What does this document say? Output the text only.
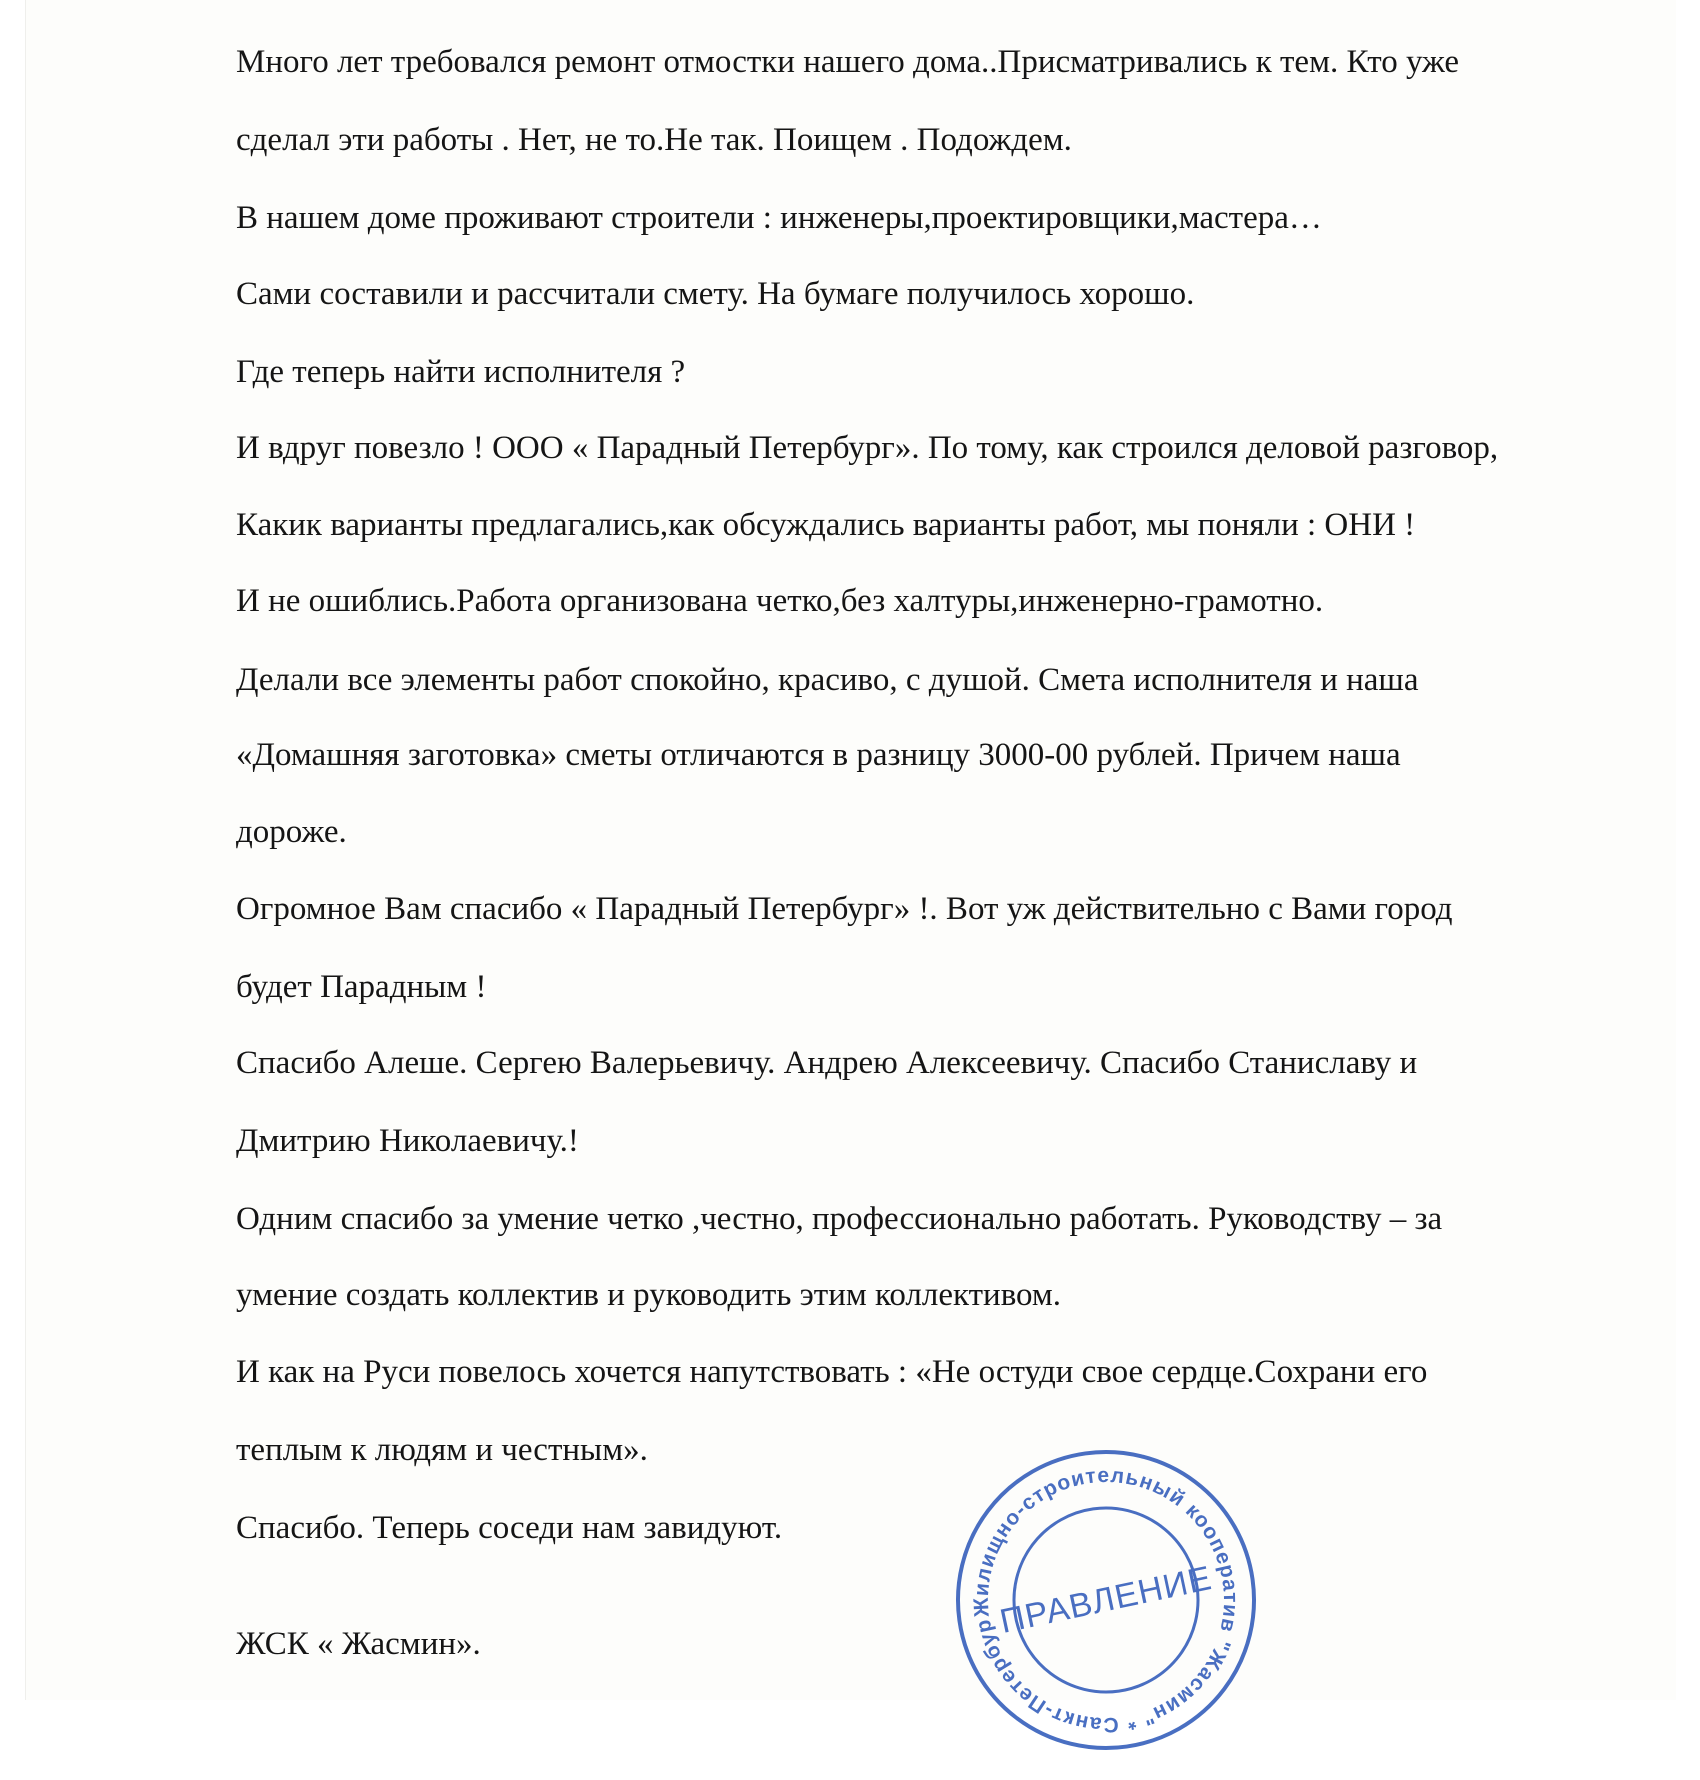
Много лет требовался ремонт отмостки нашего дома..Присматривались к тем. Кто уже
сделал эти работы . Нет, не то.Не так. Поищем . Подождем.
В нашем доме проживают строители : инженеры,проектировщики,мастера…
Сами составили и рассчитали смету. На бумаге получилось хорошо.
Где теперь найти исполнителя ?
И вдруг повезло ! ООО « Парадный Петербург». По тому, как строился деловой разговор,
Какик варианты предлагались,как обсуждались варианты работ, мы поняли : ОНИ !
И не ошиблись.Работа организована четко,без халтуры,инженерно-грамотно.
Делали все элементы работ спокойно, красиво, с душой. Смета исполнителя и наша
«Домашняя заготовка» сметы отличаются в разницу 3000-00 рублей. Причем наша
дороже.
Огромное Вам спасибо « Парадный Петербург» !. Вот уж действительно с Вами город
будет Парадным !
Спасибо Алеше. Сергею Валерьевичу. Андрею Алексеевичу. Спасибо Станиславу и
Дмитрию Николаевичу.!
Одним спасибо за умение четко ,честно, профессионально работать. Руководству – за
умение создать коллектив и руководить этим коллективом.
И как на Руси повелось хочется напутствовать : «Не остуди свое сердце.Сохрани его
теплым к людям и честным».
Спасибо. Теперь соседи нам завидуют.
ЖСК « Жасмин».
Жилищно-строительный кооператив "Жасмин" * Санкт-Петербург *
ПРАВЛЕНИЕ
